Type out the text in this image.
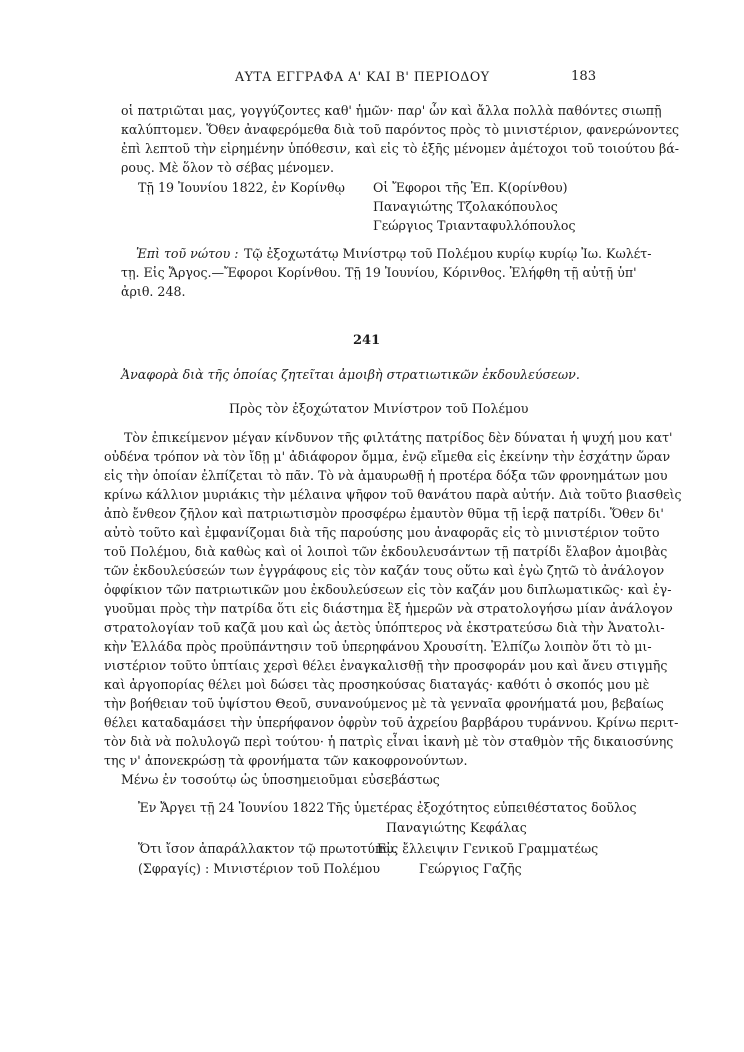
ΑΥΤΑ ΕΓΓΡΑΦΑ Α' ΚΑΙ Β' ΠΕΡΙΟΔΟΥ	183
οἱ πατριῶται μας, γογγύζοντες καθ' ἡμῶν· παρ' ὧν καὶ ἄλλα πολλὰ παθόντες σιωπῇ
καλύπτομεν. Ὅθεν ἀναφερόμεθα διὰ τοῦ παρόντος πρὸς τὸ μινιστέριον, φανερώνοντες
ἐπὶ λεπτοῦ τὴν εἰρημένην ὑπόθεσιν, καὶ εἰς τὸ ἑξῆς μένομεν ἀμέτοχοι τοῦ τοιούτου βά-
ρους. Μὲ ὅλον τὸ σέβας μένομεν.
Τῇ 19 Ἰουνίου 1822, ἐν Κορίνθῳ Οἱ Ἔφοροι τῆς Ἐπ. Κ(ορίνθου)
Παναγιώτης Τζολακόπουλος
Γεώργιος Τριανταφυλλόπουλος
Ἐπὶ τοῦ νώτου : Τῷ ἐξοχωτάτῳ Μινίστρῳ τοῦ Πολέμου κυρίῳ κυρίῳ Ἰω. Κωλέτ-
τῃ. Εἰς Ἄργος.—Ἔφοροι Κορίνθου. Τῇ 19 Ἰουνίου, Κόρινθος. Ἐλήφθη τῇ αὐτῇ ὑπ'
ἀριθ. 248.
241
Ἀναφορὰ διὰ τῆς ὁποίας ζητεῖται ἀμοιβὴ στρατιωτικῶν ἐκδουλεύσεων.
Πρὸς τὸν ἐξοχώτατον Μινίστρον τοῦ Πολέμου
Τὸν ἐπικείμενον μέγαν κίνδυνον τῆς φιλτάτης πατρίδος δὲν δύναται ἡ ψυχή μου κατ'
οὐδένα τρόπον νὰ τὸν ἴδῃ μ' ἀδιάφορον ὄμμα, ἐνῷ εἴμεθα εἰς ἐκείνην τὴν ἐσχάτην ὥραν
εἰς τὴν ὁποίαν ἐλπίζεται τὸ πᾶν. Τὸ νὰ ἀμαυρωθῇ ἡ προτέρα δόξα τῶν φρονημάτων μου
κρίνω κάλλιον μυριάκις τὴν μέλαινα ψῆφον τοῦ θανάτου παρὰ αὐτήν. Διὰ τοῦτο βιασθεὶς
ἀπὸ ἔνθεον ζῆλον καὶ πατριωτισμὸν προσφέρω ἐμαυτὸν θῦμα τῇ ἱερᾷ πατρίδι. Ὅθεν δι'
αὐτὸ τοῦτο καὶ ἐμφανίζομαι διὰ τῆς παρούσης μου ἀναφορᾶς εἰς τὸ μινιστέριον τοῦτο
τοῦ Πολέμου, διὰ καθὼς καὶ οἱ λοιποὶ τῶν ἐκδουλευσάντων τῇ πατρίδι ἔλαβον ἀμοιβὰς
τῶν ἐκδουλεύσεών των ἐγγράφους εἰς τὸν καζάν τους οὕτω καὶ ἐγὼ ζητῶ τὸ ἀνάλογον
ὀφφίκιον τῶν πατριωτικῶν μου ἐκδουλεύσεων εἰς τὸν καζάν μου διπλωματικῶς· καὶ ἐγ-
γυοῦμαι πρὸς τὴν πατρίδα ὅτι εἰς διάστημα ἓξ ἡμερῶν νὰ στρατολογήσω μίαν ἀνάλογον
στρατολογίαν τοῦ καζᾶ μου καὶ ὡς ἀετὸς ὑπόπτερος νὰ ἐκστρατεύσω διὰ τὴν Ἀνατολι-
κὴν Ἑλλάδα πρὸς προϋπάντησιν τοῦ ὑπερηφάνου Χρουσίτη. Ἐλπίζω λοιπὸν ὅτι τὸ μι-
νιστέριον τοῦτο ὑπτίαις χερσὶ θέλει ἐναγκαλισθῇ τὴν προσφοράν μου καὶ ἄνευ στιγμῆς
καὶ ἀργοπορίας θέλει μοὶ δώσει τὰς προσηκούσας διαταγάς· καθότι ὁ σκοπός μου μὲ
τὴν βοήθειαν τοῦ ὑψίστου Θεοῦ, συνανούμενος μὲ τὰ γενναῖα φρονήματά μου, βεβαίως
θέλει καταδαμάσει τὴν ὑπερήφανον ὀφρὺν τοῦ ἀχρείου βαρβάρου τυράννου. Κρίνω περιτ-
τὸν διὰ νὰ πολυλογῶ περὶ τούτου· ἡ πατρὶς εἶναι ἱκανὴ μὲ τὸν σταθμὸν τῆς δικαιοσύνης
της ν' ἀπονεκρώσῃ τὰ φρονήματα τῶν κακοφρονούντων.
Μένω ἐν τοσούτῳ ὡς ὑποσημειοῦμαι εὐσεβάστως
Ἐν Ἄργει τῇ 24 Ἰουνίου 1822 Τῆς ὑμετέρας ἐξοχότητος εὐπειθέστατος δοῦλος
Παναγιώτης Κεφάλας
Ὅτι ἴσον ἀπαράλλακτον τῷ πρωτοτύπῳ.
Εἰς ἔλλειψιν Γενικοῦ Γραμματέως
(Σφραγίς) : Μινιστέριον τοῦ Πολέμου	Γεώργιος Γαζῆς
